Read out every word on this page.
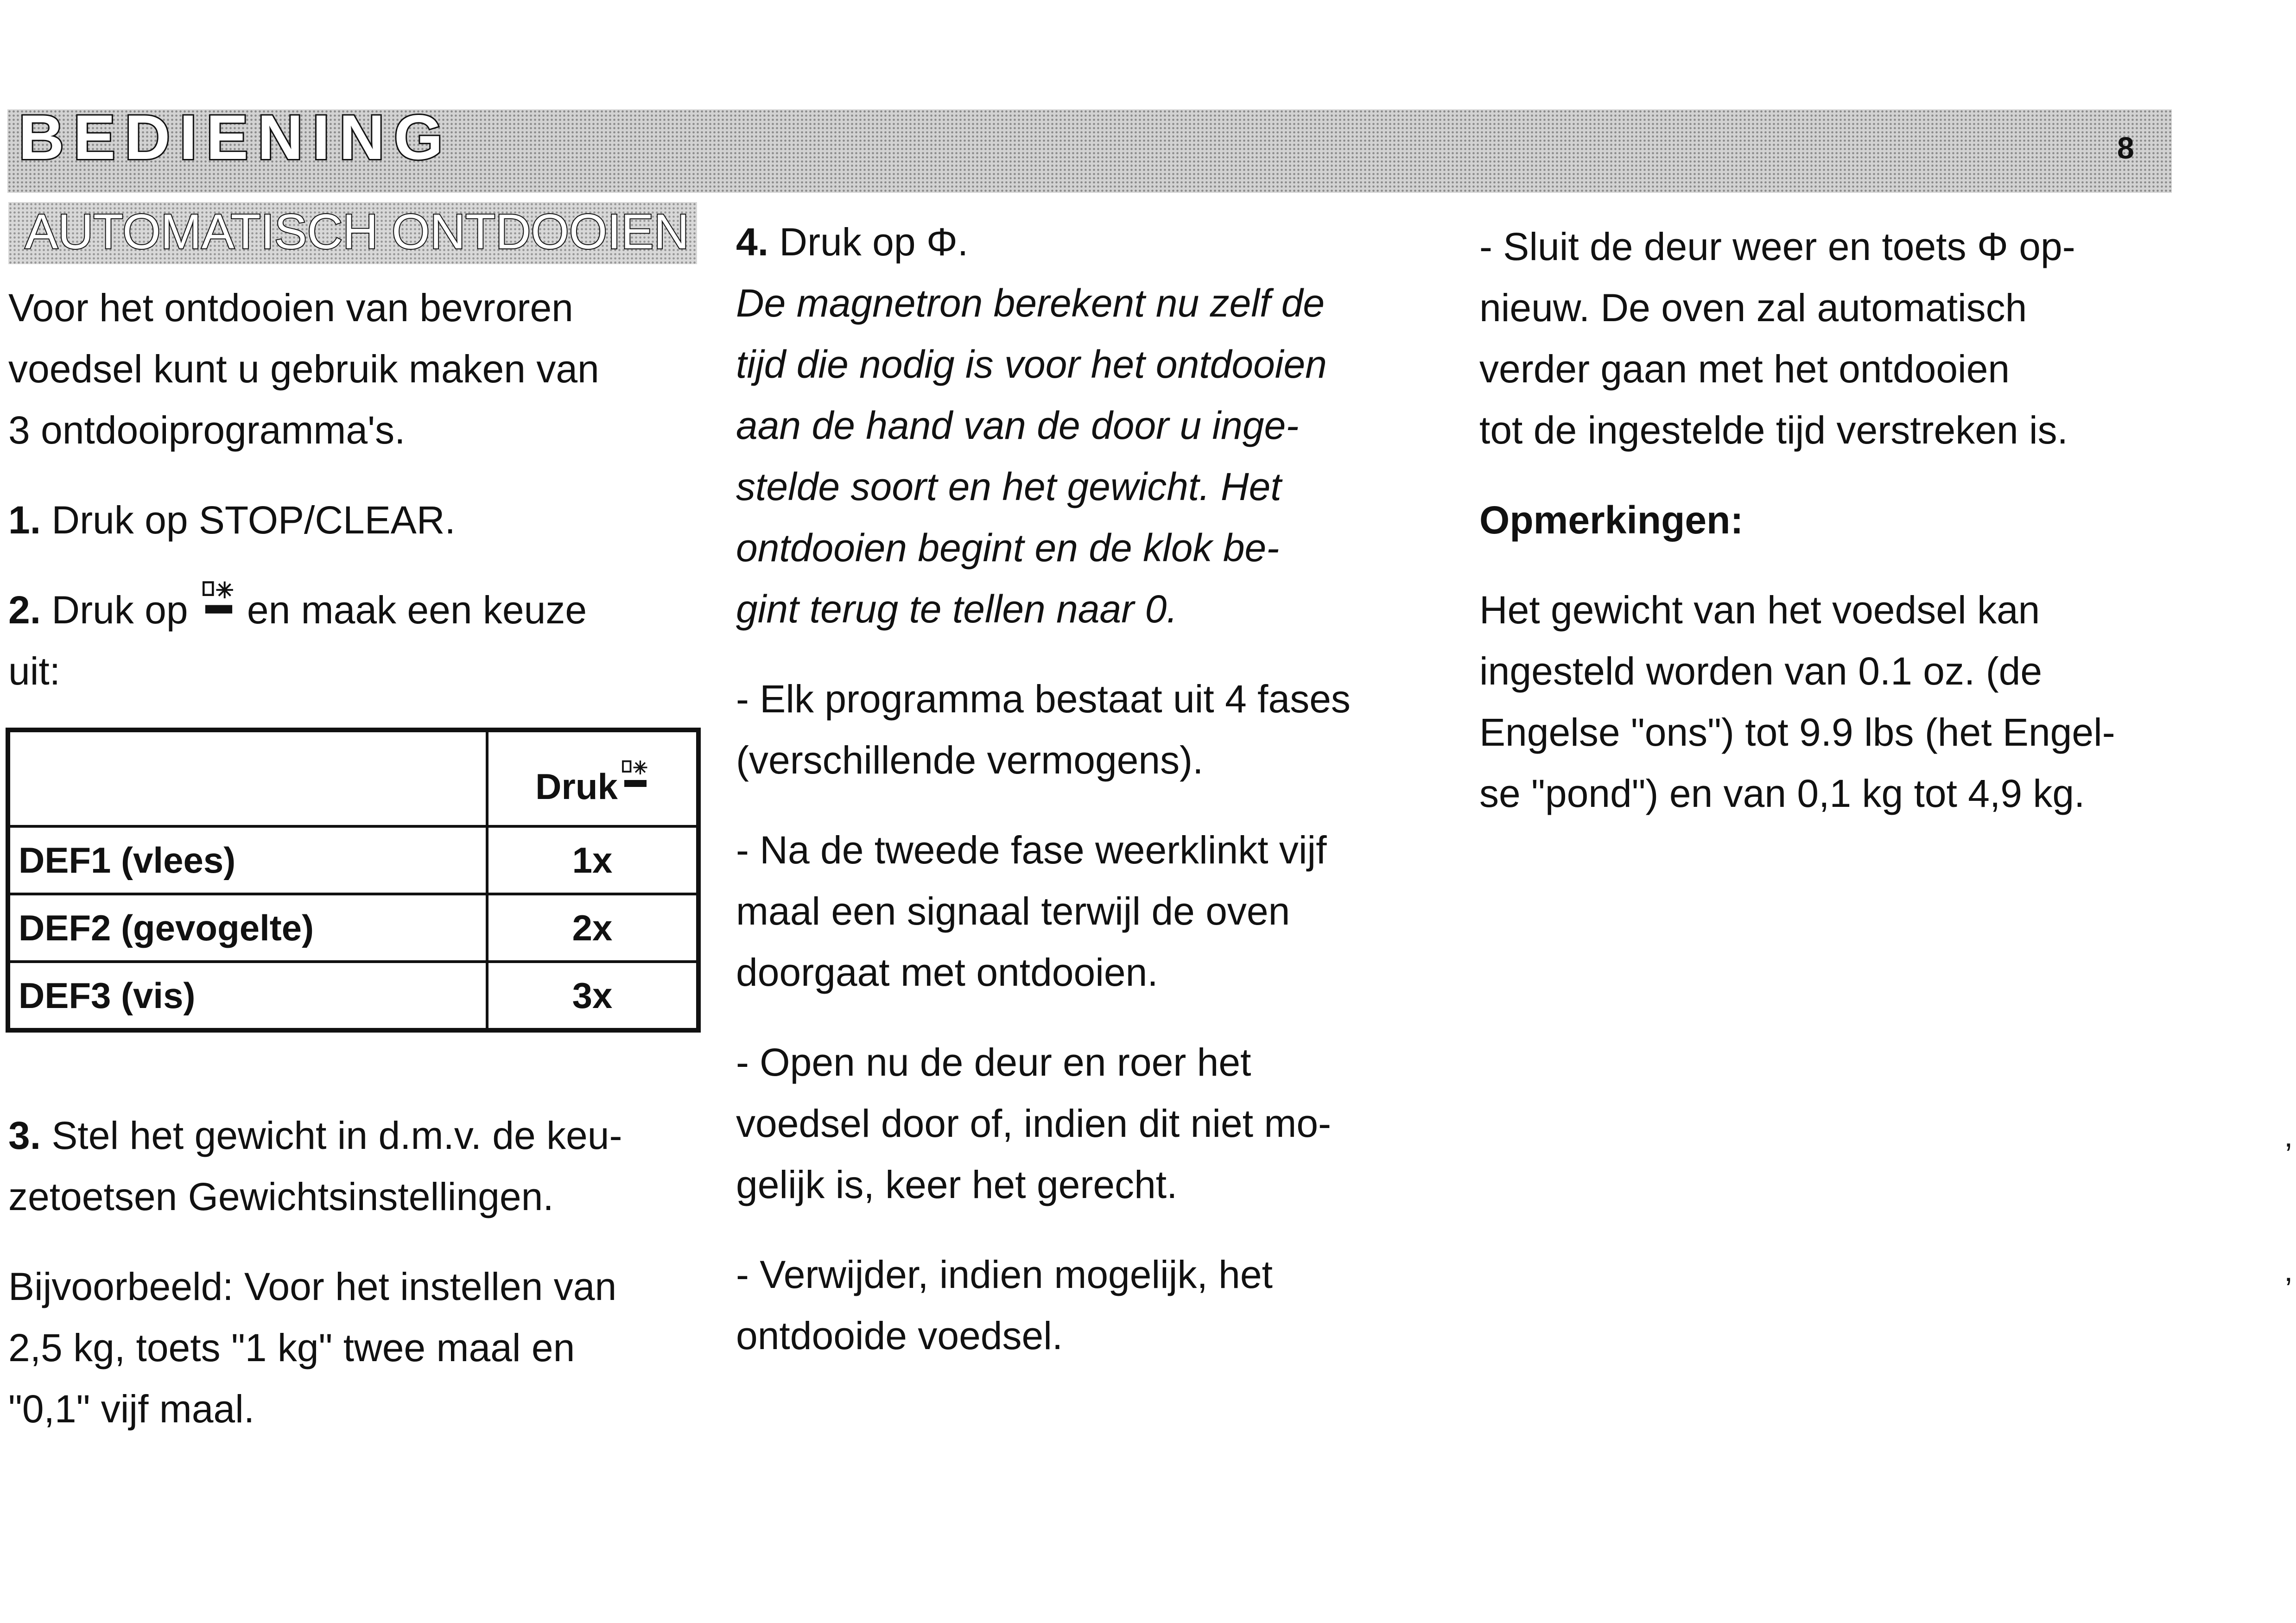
BEDIENING	8
AUTOMATISCH ONTDOOIEN

Voor het ontdooien van bevroren
voedsel kunt u gebruik maken van
3 ontdooiprogramma's.

1. Druk op STOP/CLEAR.

2. Druk op en maak een keuze
uit:

	Druk
DEF1 (vlees)	1x
DEF2 (gevogelte)	2x
DEF3 (vis)	3x

3. Stel het gewicht in d.m.v. de keu-
zetoetsen Gewichtsinstellingen.

Bijvoorbeeld: Voor het instellen van
2,5 kg, toets "1 kg" twee maal en
"0,1" vijf maal.

4. Druk op Φ.

De magnetron berekent nu zelf de
tijd die nodig is voor het ontdooien
aan de hand van de door u inge-
stelde soort en het gewicht. Het
ontdooien begint en de klok be-
gint terug te tellen naar 0.

- Elk programma bestaat uit 4 fases
(verschillende vermogens).

- Na de tweede fase weerklinkt vijf
maal een signaal terwijl de oven
doorgaat met ontdooien.

- Open nu de deur en roer het
voedsel door of, indien dit niet mo-
gelijk is, keer het gerecht.

- Verwijder, indien mogelijk, het
ontdooide voedsel.

- Sluit de deur weer en toets Φ op-
nieuw. De oven zal automatisch
verder gaan met het ontdooien
tot de ingestelde tijd verstreken is.

Opmerkingen:

Het gewicht van het voedsel kan
ingesteld worden van 0.1 oz. (de
Engelse "ons") tot 9.9 lbs (het Engel-
se "pond") en van 0,1 kg tot 4,9 kg.

‚
‚
